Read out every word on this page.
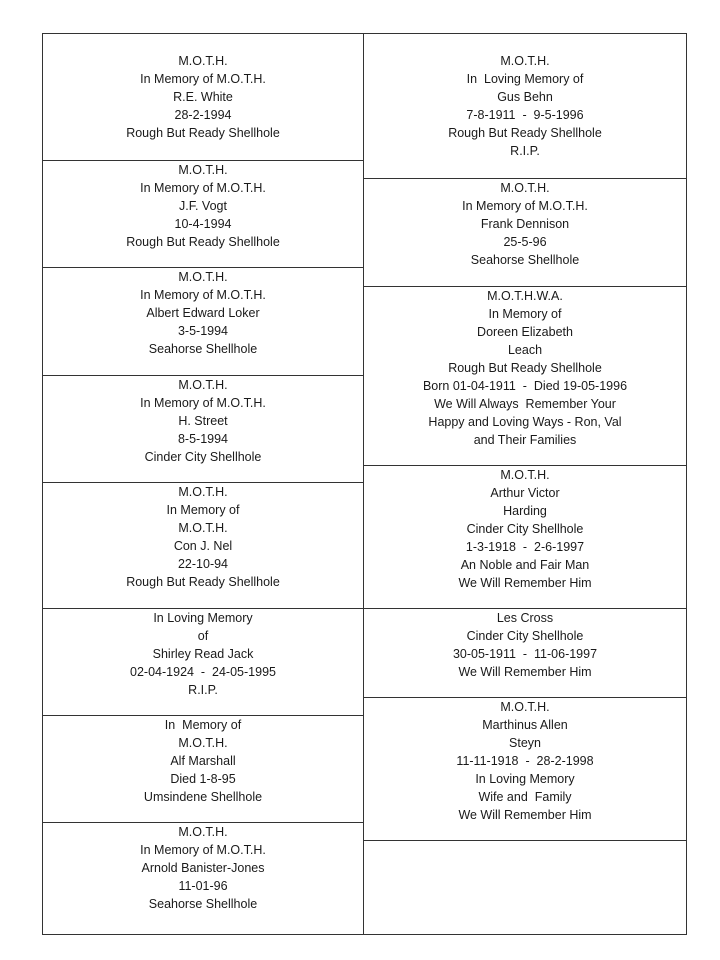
M.O.T.H.
In Memory of M.O.T.H.
R.E. White
28-2-1994
Rough But Ready Shellhole
M.O.T.H.
In Memory of M.O.T.H.
J.F. Vogt
10-4-1994
Rough But Ready Shellhole
M.O.T.H.
In Memory of M.O.T.H.
Albert Edward Loker
3-5-1994
Seahorse Shellhole
M.O.T.H.
In Memory of M.O.T.H.
H. Street
8-5-1994
Cinder City Shellhole
M.O.T.H.
In Memory of
M.O.T.H.
Con J. Nel
22-10-94
Rough But Ready Shellhole
In Loving Memory
of
Shirley Read Jack
02-04-1924  -  24-05-1995
R.I.P.
In  Memory of
M.O.T.H.
Alf Marshall
Died 1-8-95
Umsindene Shellhole
M.O.T.H.
In Memory of M.O.T.H.
Arnold Banister-Jones
11-01-96
Seahorse Shellhole
M.O.T.H.
In  Loving Memory of
Gus Behn
7-8-1911  -  9-5-1996
Rough But Ready Shellhole
R.I.P.
M.O.T.H.
In Memory of M.O.T.H.
Frank Dennison
25-5-96
Seahorse Shellhole
M.O.T.H.W.A.
In Memory of
Doreen Elizabeth
Leach
Rough But Ready Shellhole
Born 01-04-1911  -  Died 19-05-1996
We Will Always  Remember Your
Happy and Loving Ways - Ron, Val
and Their Families
M.O.T.H.
Arthur Victor
Harding
Cinder City Shellhole
1-3-1918  -  2-6-1997
An Noble and Fair Man
We Will Remember Him
Les Cross
Cinder City Shellhole
30-05-1911  -  11-06-1997
We Will Remember Him
M.O.T.H.
Marthinus Allen
Steyn
11-11-1918  -  28-2-1998
In Loving Memory
Wife and  Family
We Will Remember Him
